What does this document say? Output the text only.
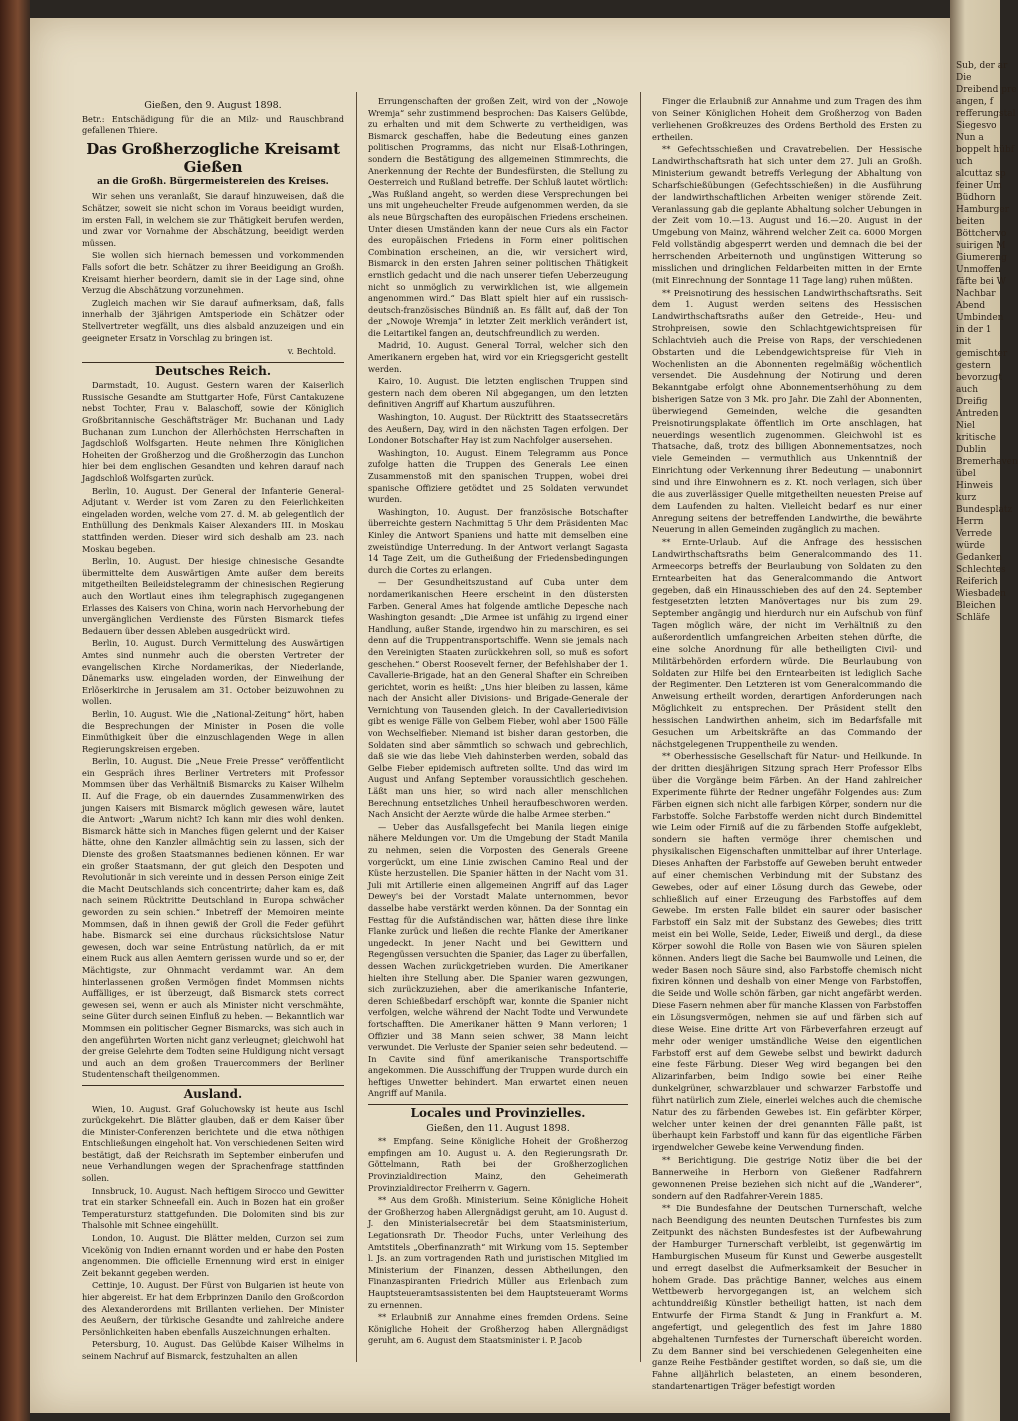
Gießen, den 9. August 1898.

Betr.: Entschädigung für die an Milz- und Rauschbrand gefallenen Thiere.

Das Großherzogliche Kreisamt Gießen
an die Großh. Bürgermeistereien des Kreises.

Wir sehen uns veranlaßt, Sie darauf hinzuweisen, daß die Schätzer, soweit sie nicht schon im Voraus beeidigt wurden, im ersten Fall, in welchem sie zur Thätigkeit berufen werden, und zwar vor Vornahme der Abschätzung, beeidigt werden müssen.

Sie wollen sich hiernach bemessen und vorkommenden Falls sofort die betr. Schätzer zu ihrer Beeidigung an Großh. Kreisamt hierher beordern, damit sie in der Lage sind, ohne Verzug die Abschätzung vorzunehmen.

Zugleich machen wir Sie darauf aufmerksam, daß, falls innerhalb der 3jährigen Amtsperiode ein Schätzer oder Stellvertreter wegfällt, uns dies alsbald anzuzeigen und ein geeigneter Ersatz in Vorschlag zu bringen ist.

v. Bechtold.
Deutsches Reich.

Darmstadt, 10. August. Gestern waren der Kaiserlich Russische Gesandte am Stuttgarter Hofe, Fürst Cantakuzene nebst Tochter, Frau v. Balaschoff, sowie der Königlich Großbritannische Geschäftsträger Mr. Buchanan und Lady Buchanan zum Lunchon der Allerhöchsten Herrschaften in Jagdschloß Wolfsgarten. Heute nehmen Ihre Königlichen Hoheiten der Großherzog und die Großherzogin das Lunchon hier bei dem englischen Gesandten und kehren darauf nach Jagdschloß Wolfsgarten zurück.

Berlin, 10. August. Der General der Infanterie General-Adjutant v. Werder ist vom Zaren zu den Feierlichkeiten eingeladen worden, welche vom 27. d. M. ab gelegentlich der Enthüllung des Denkmals Kaiser Alexanders III. in Moskau stattfinden werden. Dieser wird sich deshalb am 23. nach Moskau begeben.

Berlin, 10. August. Der hiesige chinesische Gesandte übermittelte dem Auswärtigen Amte außer dem bereits mitgetheilten Beileidstelegramm der chinesischen Regierung auch den Wortlaut eines ihm telegraphisch zugegangenen Erlasses des Kaisers von China, worin nach Hervorhebung der unvergänglichen Verdienste des Fürsten Bismarck tiefes Bedauern über dessen Ableben ausgedrückt wird.

Berlin, 10. August. Durch Vermittelung des Auswärtigen Amtes sind nunmehr auch die obersten Vertreter der evangelischen Kirche Nordamerikas, der Niederlande, Dänemarks usw. eingeladen worden, der Einweihung der Erlöserkirche in Jerusalem am 31. October beizuwohnen zu wollen.

Berlin, 10. August. Wie die „National-Zeitung“ hört, haben die Besprechungen der Minister in Posen die volle Einmüthigkeit über die einzuschlagenden Wege in allen Regierungskreisen ergeben.

Berlin, 10. August. Die „Neue Freie Presse“ veröffentlicht ein Gespräch ihres Berliner Vertreters mit Professor Mommsen über das Verhältniß Bismarcks zu Kaiser Wilhelm II. Auf die Frage, ob ein dauerndes Zusammenwirken des jungen Kaisers mit Bismarck möglich gewesen wäre, lautet die Antwort: „Warum nicht? Ich kann mir dies wohl denken. Bismarck hätte sich in Manches fügen gelernt und der Kaiser hätte, ohne den Kanzler allmächtig sein zu lassen, sich der Dienste des großen Staatsmannes bedienen können. Er war ein großer Staatsmann, der gut gleich den Despoten und Revolutionär in sich vereinte und in dessen Person einige Zeit die Macht Deutschlands sich concentrirte; daher kam es, daß nach seinem Rücktritte Deutschland in Europa schwächer geworden zu sein schien.“ Inbetreff der Memoiren meinte Mommsen, daß in ihnen gewiß der Groll die Feder geführt habe. Bismarck sei eine durchaus rücksichtslose Natur gewesen, doch war seine Entrüstung natürlich, da er mit einem Ruck aus allen Aemtern gerissen wurde und so er, der Mächtigste, zur Ohnmacht verdammt war. An dem hinterlassenen großen Vermögen findet Mommsen nichts Auffälliges, er ist überzeugt, daß Bismarck stets correct gewesen sei, wenn er auch als Minister nicht verschmähte, seine Güter durch seinen Einfluß zu heben. — Bekanntlich war Mommsen ein politischer Gegner Bismarcks, was sich auch in den angeführten Worten nicht ganz verleugnet; gleichwohl hat der greise Gelehrte dem Todten seine Huldigung nicht versagt und auch an dem großen Trauercommers der Berliner Studentenschaft theilgenommen.

Ausland.

Wien, 10. August. Graf Goluchowsky ist heute aus Ischl zurückgekehrt. Die Blätter glauben, daß er dem Kaiser über die Minister-Conferenzen berichtete und die etwa nöthigen Entschließungen eingeholt hat. Von verschiedenen Seiten wird bestätigt, daß der Reichsrath im September einberufen und neue Verhandlungen wegen der Sprachenfrage stattfinden sollen.

Innsbruck, 10. August. Nach heftigem Sirocco und Gewitter trat ein starker Schneefall ein. Auch in Bozen hat ein großer Temperatursturz stattgefunden. Die Dolomiten sind bis zur Thalsohle mit Schnee eingehüllt.

London, 10. August. Die Blätter melden, Curzon sei zum Vicekönig von Indien ernannt worden und er habe den Posten angenommen. Die officielle Ernennung wird erst in einiger Zeit bekannt gegeben werden.

Cettinje, 10. August. Der Fürst von Bulgarien ist heute von hier abgereist. Er hat dem Erbprinzen Danilo den Großcordon des Alexanderordens mit Brillanten verliehen. Der Minister des Aeußern, der türkische Gesandte und zahlreiche andere Persönlichkeiten haben ebenfalls Auszeichnungen erhalten.

Petersburg, 10. August. Das Gelübde Kaiser Wilhelms in seinem Nachruf auf Bismarck, festzuhalten an allen

Errungenschaften der großen Zeit, wird von der „Nowoje Wremja“ sehr zustimmend besprochen: Das Kaisers Gelübde, zu erhalten und mit dem Schwerte zu vertheidigen, was Bismarck geschaffen, habe die Bedeutung eines ganzen politischen Programms, das nicht nur Elsaß-Lothringen, sondern die Bestätigung des allgemeinen Stimmrechts, die Anerkennung der Rechte der Bundesfürsten, die Stellung zu Oesterreich und Rußland betreffe. Der Schluß lautet wörtlich: „Was Rußland angeht, so werden diese Versprechungen bei uns mit ungeheuchelter Freude aufgenommen werden, da sie als neue Bürgschaften des europäischen Friedens erscheinen. Unter diesen Umständen kann der neue Curs als ein Factor des europäischen Friedens in Form einer politischen Combination erscheinen, an die, wir versichert wird, Bismarck in den ersten Jahren seiner politischen Thätigkeit ernstlich gedacht und die nach unserer tiefen Ueberzeugung nicht so unmöglich zu verwirklichen ist, wie allgemein angenommen wird.“ Das Blatt spielt hier auf ein russisch-deutsch-französisches Bündniß an. Es fällt auf, daß der Ton der „Nowoje Wremja“ in letzter Zeit merklich verändert ist, die Leitartikel fangen an, deutschfreundlich zu werden.

Madrid, 10. August. General Torral, welcher sich den Amerikanern ergeben hat, wird vor ein Kriegsgericht gestellt werden.

Kairo, 10. August. Die letzten englischen Truppen sind gestern nach dem oberen Nil abgegangen, um den letzten definitiven Angriff auf Khartum auszuführen.

Washington, 10. August. Der Rücktritt des Staatssecretärs des Aeußern, Day, wird in den nächsten Tagen erfolgen. Der Londoner Botschafter Hay ist zum Nachfolger ausersehen.

Washington, 10. August. Einem Telegramm aus Ponce zufolge hatten die Truppen des Generals Lee einen Zusammenstoß mit den spanischen Truppen, wobei drei spanische Offiziere getödtet und 25 Soldaten verwundet wurden.

Washington, 10. August. Der französische Botschafter überreichte gestern Nachmittag 5 Uhr dem Präsidenten Mac Kinley die Antwort Spaniens und hatte mit demselben eine zweistündige Unterredung. In der Antwort verlangt Sagasta 14 Tage Zeit, um die Gutheißung der Friedensbedingungen durch die Cortes zu erlangen.

— Der Gesundheitszustand auf Cuba unter dem nordamerikanischen Heere erscheint in den düstersten Farben. General Ames hat folgende amtliche Depesche nach Washington gesandt: „Die Armee ist unfähig zu irgend einer Handlung, außer Stande, irgendwo hin zu marschiren, es sei denn auf die Truppentransportschiffe. Wenn sie jemals nach den Vereinigten Staaten zurückkehren soll, so muß es sofort geschehen.“ Oberst Roosevelt ferner, der Befehlshaber der 1. Cavallerie-Brigade, hat an den General Shafter ein Schreiben gerichtet, worin es heißt: „Uns hier bleiben zu lassen, käme nach der Ansicht aller Divisions- und Brigade-Generale der Vernichtung von Tausenden gleich. In der Cavalleriedivision gibt es wenige Fälle von Gelbem Fieber, wohl aber 1500 Fälle von Wechselfieber. Niemand ist bisher daran gestorben, die Soldaten sind aber sämmtlich so schwach und gebrechlich, daß sie wie das liebe Vieh dahinsterben werden, sobald das Gelbe Fieber epidemisch auftreten sollte. Und das wird im August und Anfang September voraussichtlich geschehen. Läßt man uns hier, so wird nach aller menschlichen Berechnung entsetzliches Unheil heraufbeschworen werden. Nach Ansicht der Aerzte würde die halbe Armee sterben.“

— Ueber das Ausfallsgefecht bei Manila liegen einige nähere Meldungen vor. Um die Umgebung der Stadt Manila zu nehmen, seien die Vorposten des Generals Greene vorgerückt, um eine Linie zwischen Camino Real und der Küste herzustellen. Die Spanier hätten in der Nacht vom 31. Juli mit Artillerie einen allgemeinen Angriff auf das Lager Dewey's bei der Vorstadt Malate unternommen, bevor dasselbe habe verstärkt werden können. Da der Sonntag ein Festtag für die Aufständischen war, hätten diese ihre linke Flanke zurück und ließen die rechte Flanke der Amerikaner ungedeckt. In jener Nacht und bei Gewittern und Regengüssen versuchten die Spanier, das Lager zu überfallen, dessen Wachen zurückgetrieben wurden. Die Amerikaner hielten ihre Stellung aber. Die Spanier waren gezwungen, sich zurückzuziehen, aber die amerikanische Infanterie, deren Schießbedarf erschöpft war, konnte die Spanier nicht verfolgen, welche während der Nacht Todte und Verwundete fortschafften. Die Amerikaner hätten 9 Mann verloren; 1 Offizier und 38 Mann seien schwer, 38 Mann leicht verwundet. Die Verluste der Spanier seien sehr bedeutend. — In Cavite sind fünf amerikanische Transportschiffe angekommen. Die Ausschiffung der Truppen wurde durch ein heftiges Unwetter behindert. Man erwartet einen neuen Angriff auf Manila.

Locales und Provinzielles.

Gießen, den 11. August 1898.

** Empfang. Seine Königliche Hoheit der Großherzog empfingen am 10. August u. A. den Regierungsrath Dr. Göttelmann, Rath bei der Großherzoglichen Provinzialdirection Mainz, den Geheimerath Provinzialdirector Freiherrn v. Gagern.

** Aus dem Großh. Ministerium. Seine Königliche Hoheit der Großherzog haben Allergnädigst geruht, am 10. August d. J. den Ministerialsecretär bei dem Staatsministerium, Legationsrath Dr. Theodor Fuchs, unter Verleihung des Amtstitels „Oberfinanzrath“ mit Wirkung vom 15. September l. Js. an zum vortragenden Rath und juristischen Mitglied im Ministerium der Finanzen, dessen Abtheilungen, den Finanzaspiranten Friedrich Müller aus Erlenbach zum Hauptsteueramtsassistenten bei dem Hauptsteueramt Worms zu ernennen.

** Erlaubniß zur Annahme eines fremden Ordens. Seine Königliche Hoheit der Großherzog haben Allergnädigst geruht, am 6. August dem Staatsminister i. P. Jacob

Finger die Erlaubniß zur Annahme und zum Tragen des ihm von Seiner Königlichen Hoheit dem Großherzog von Baden verliehenen Großkreuzes des Ordens Berthold des Ersten zu ertheilen.

** Gefechtsschießen und Cravatrebelien. Der Hessische Landwirthschaftsrath hat sich unter dem 27. Juli an Großh. Ministerium gewandt betreffs Verlegung der Abhaltung von Scharfschießübungen (Gefechtsschießen) in die Ausführung der landwirthschaftlichen Arbeiten weniger störende Zeit. Veranlassung gab die geplante Abhaltung solcher Uebungen in der Zeit vom 10.—13. August und 16.—20. August in der Umgebung von Mainz, während welcher Zeit ca. 6000 Morgen Feld vollständig abgesperrt werden und demnach die bei der herrschenden Arbeiternoth und ungünstigen Witterung so misslichen und dringlichen Feldarbeiten mitten in der Ernte (mit Einrechnung der Sonntage 11 Tage lang) ruhen müßten.

** Preisnotirung des hessischen Landwirthschaftsraths. Seit dem 1. August werden seitens des Hessischen Landwirthschaftsraths außer den Getreide-, Heu- und Strohpreisen, sowie den Schlachtgewichtspreisen für Schlachtvieh auch die Preise von Raps, der verschiedenen Obstarten und die Lebendgewichtspreise für Vieh in Wochenlisten an die Abonnenten regelmäßig wöchentlich versendet. Die Ausdehnung der Notirung und deren Bekanntgabe erfolgt ohne Abonnementserhöhung zu dem bisherigen Satze von 3 Mk. pro Jahr. Die Zahl der Abonnenten, überwiegend Gemeinden, welche die gesandten Preisnotirungsplakate öffentlich im Orte anschlagen, hat neuerdings wesentlich zugenommen. Gleichwohl ist es Thatsache, daß, trotz des billigen Abonnementsatzes, noch viele Gemeinden — vermuthlich aus Unkenntniß der Einrichtung oder Verkennung ihrer Bedeutung — unabonnirt sind und ihre Einwohnern es z. Kt. noch verlagen, sich über die aus zuverlässiger Quelle mitgetheilten neuesten Preise auf dem Laufenden zu halten. Vielleicht bedarf es nur einer Anregung seitens der betreffenden Landwirthe, die bewährte Neuerung in allen Gemeinden zugänglich zu machen.

** Ernte-Urlaub. Auf die Anfrage des hessischen Landwirthschaftsraths beim Generalcommando des 11. Armeecorps betreffs der Beurlaubung von Soldaten zu den Erntearbeiten hat das Generalcommando die Antwort gegeben, daß ein Hinausschieben des auf den 24. September festgesetzten letzten Manövertages nur bis zum 29. September angängig und hierdurch nur ein Aufschub von fünf Tagen möglich wäre, der nicht im Verhältniß zu den außerordentlich umfangreichen Arbeiten stehen dürfte, die eine solche Anordnung für alle betheiligten Civil- und Militärbehörden erfordern würde. Die Beurlaubung von Soldaten zur Hilfe bei den Erntearbeiten ist lediglich Sache der Regimenter. Den Letzteren ist vom Generalcommando die Anweisung ertheilt worden, derartigen Anforderungen nach Möglichkeit zu entsprechen. Der Präsident stellt den hessischen Landwirthen anheim, sich im Bedarfsfalle mit Gesuchen um Arbeitskräfte an das Commando der nächstgelegenen Truppentheile zu wenden.

** Oberhessische Gesellschaft für Natur- und Heilkunde. In der dritten diesjährigen Sitzung sprach Herr Professor Elbs über die Vorgänge beim Färben. An der Hand zahlreicher Experimente führte der Redner ungefähr Folgendes aus: Zum Färben eignen sich nicht alle farbigen Körper, sondern nur die Farbstoffe. Solche Farbstoffe werden nicht durch Bindemittel wie Leim oder Firniß auf die zu färbenden Stoffe aufgeklebt, sondern sie haften vermöge ihrer chemischen und physikalischen Eigenschaften unmittelbar auf ihrer Unterlage. Dieses Anhaften der Farbstoffe auf Geweben beruht entweder auf einer chemischen Verbindung mit der Substanz des Gewebes, oder auf einer Lösung durch das Gewebe, oder schließlich auf einer Erzeugung des Farbstoffes auf dem Gewebe. Im ersten Falle bildet ein saurer oder basischer Farbstoff ein Salz mit der Substanz des Gewebes; dies tritt meist ein bei Wolle, Seide, Leder, Eiweiß und dergl., da diese Körper sowohl die Rolle von Basen wie von Säuren spielen können. Anders liegt die Sache bei Baumwolle und Leinen, die weder Basen noch Säure sind, also Farbstoffe chemisch nicht fixiren können und deshalb von einer Menge von Farbstoffen, die Seide und Wolle schön färben, gar nicht angefärbt werden. Diese Fasern nehmen aber für manche Klassen von Farbstoffen ein Lösungsvermögen, nehmen sie auf und färben sich auf diese Weise. Eine dritte Art von Färbeverfahren erzeugt auf mehr oder weniger umständliche Weise den eigentlichen Farbstoff erst auf dem Gewebe selbst und bewirkt dadurch eine feste Färbung. Dieser Weg wird begangen bei den Alizarinfarben, beim Indigo sowie bei einer Reihe dunkelgrüner, schwarzblauer und schwarzer Farbstoffe und führt natürlich zum Ziele, einerlei welches auch die chemische Natur des zu färbenden Gewebes ist. Ein gefärbter Körper, welcher unter keinen der drei genannten Fälle paßt, ist überhaupt kein Farbstoff und kann für das eigentliche Färben irgendwelcher Gewebe keine Verwendung finden.

** Berichtigung. Die gestrige Notiz über die bei der Bannerweihe in Herborn von Gießener Radfahrern gewonnenen Preise beziehen sich nicht auf die „Wanderer“, sondern auf den Radfahrer-Verein 1885.

** Die Bundesfahne der Deutschen Turnerschaft, welche nach Beendigung des neunten Deutschen Turnfestes bis zum Zeitpunkt des nächsten Bundesfestes ist der Aufbewahrung der Hamburger Turnerschaft verbleibt, ist gegenwärtig im Hamburgischen Museum für Kunst und Gewerbe ausgestellt und erregt daselbst die Aufmerksamkeit der Besucher in hohem Grade. Das prächtige Banner, welches aus einem Wettbewerb hervorgegangen ist, an welchem sich achtunddreißig Künstler betheiligt hatten, ist nach dem Entwurfe der Firma Standt & Jung in Frankfurt a. M. angefertigt, und gelegentlich des fest im Jahre 1880 abgehaltenen Turnfestes der Turnerschaft übereicht worden. Zu dem Banner sind bei verschiedenen Gelegenheiten eine ganze Reihe Festbänder gestiftet worden, so daß sie, um die Fahne alljährlich belasteten, an einem besonderen, standartenartigen Träger befestigt worden

Sub, der ar
Die
Dreibend pre
angen, f
refferungstal
Siegesvo
Nun a
boppelt hübf
uch
alcuttaz sp
feiner Um
Büdhorn
Hamburger
beiten
Böttchervo
suirigen M
Giumereng
Unmoffen
fäfte bei W
Nachbar
Abend
Umbinden
in der 1
mit
gemischter
gestern
bevorzugt
auch
Dreifig
Antreden
Niel
kritische
Dublin
Bremerhaven
übel
Hinweis
kurz
Bundesplatz
Herrn
Verrede
würde
Gedanken
Schlechtes
Reiferich
Wiesbaden
Bleichen
Schläfe
